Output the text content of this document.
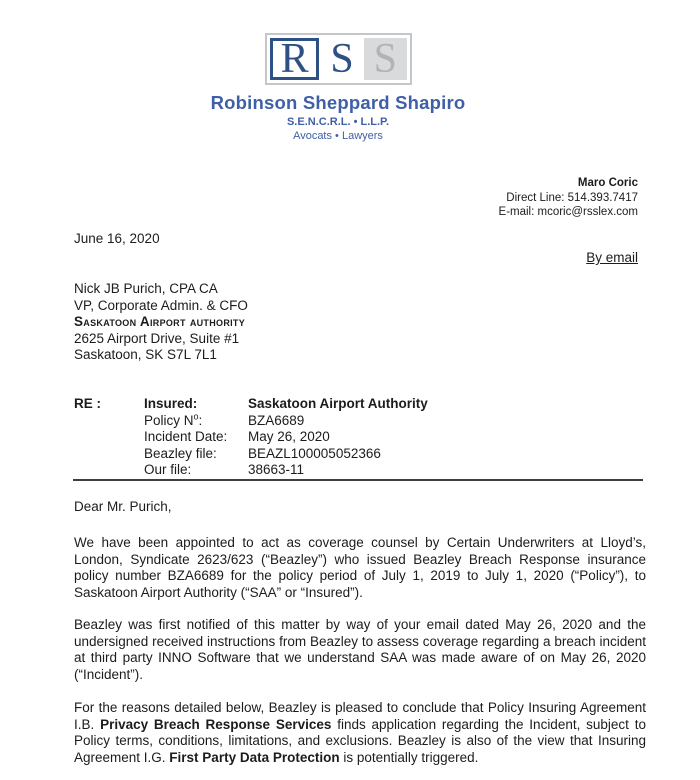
R S S
Robinson Sheppard Shapiro
S.E.N.C.R.L. • L.L.P.
Avocats • Lawyers
Maro Coric
Direct Line: 514.393.7417
E-mail: mcoric@rsslex.com
June 16, 2020
By email
Nick JB Purich, CPA CA
VP, Corporate Admin. & CFO
Saskatoon Airport authority
2625 Airport Drive, Suite #1
Saskatoon, SK S7L 7L1
RE :	Insured:	Saskatoon Airport Authority
Policy $N^o$:	BZA6689
Incident Date:	May 26, 2020
Beazley file:	BEAZL100005052366
Our file:	38663-11
Dear Mr. Purich,

We have been appointed to act as coverage counsel by Certain Underwriters at Lloyd’s, London, Syndicate 2623/623 (“Beazley”) who issued Beazley Breach Response insurance policy number BZA6689 for the policy period of July 1, 2019 to July 1, 2020 (“Policy”), to Saskatoon Airport Authority (“SAA” or “Insured”).

Beazley was first notified of this matter by way of your email dated May 26, 2020 and the undersigned received instructions from Beazley to assess coverage regarding a breach incident at third party INNO Software that we understand SAA was made aware of on May 26, 2020 (“Incident”).

For the reasons detailed below, Beazley is pleased to conclude that Policy Insuring Agreement I.B. Privacy Breach Response Services finds application regarding the Incident, subject to Policy terms, conditions, limitations, and exclusions. Beazley is also of the view that Insuring Agreement I.G. First Party Data Protection is potentially triggered.
